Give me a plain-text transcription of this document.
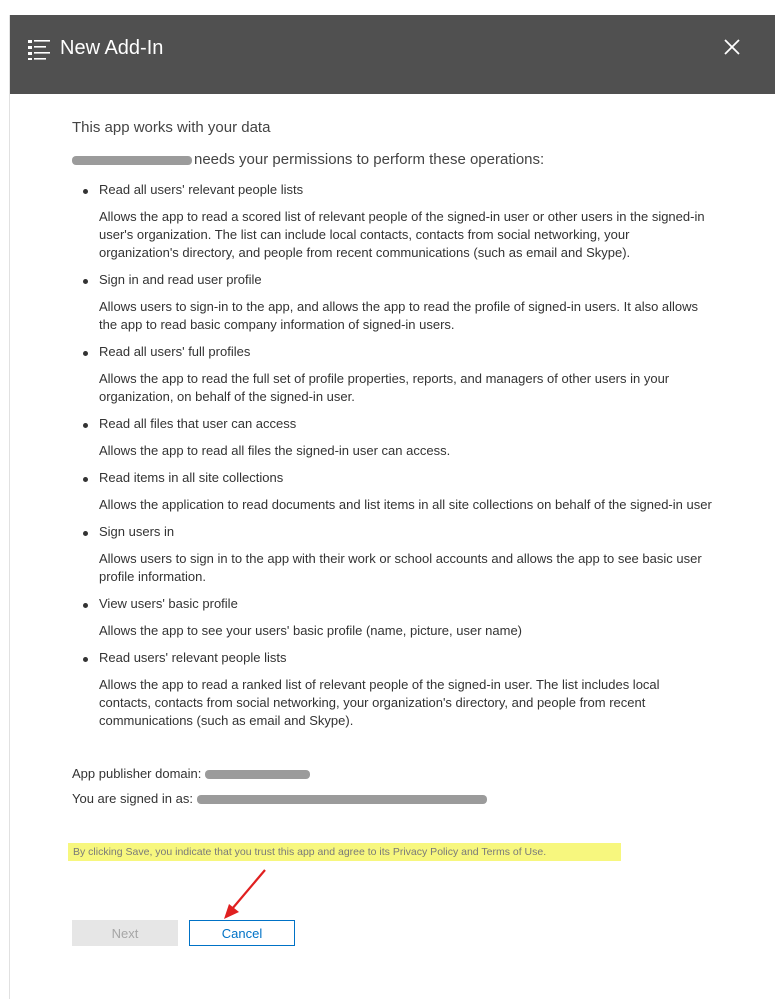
New Add-In
This app works with your data
needs your permissions to perform these operations:
Read all users' relevant people lists
Allows the app to read a scored list of relevant people of the signed-in user or other users in the signed-in user's organization. The list can include local contacts, contacts from social networking, your organization's directory, and people from recent communications (such as email and Skype).
Sign in and read user profile
Allows users to sign-in to the app, and allows the app to read the profile of signed-in users. It also allows the app to read basic company information of signed-in users.
Read all users' full profiles
Allows the app to read the full set of profile properties, reports, and managers of other users in your organization, on behalf of the signed-in user.
Read all files that user can access
Allows the app to read all files the signed-in user can access.
Read items in all site collections
Allows the application to read documents and list items in all site collections on behalf of the signed-in user
Sign users in
Allows users to sign in to the app with their work or school accounts and allows the app to see basic user profile information.
View users' basic profile
Allows the app to see your users' basic profile (name, picture, user name)
Read users' relevant people lists
Allows the app to read a ranked list of relevant people of the signed-in user. The list includes local contacts, contacts from social networking, your organization's directory, and people from recent communications (such as email and Skype).
App publisher domain:
You are signed in as:
By clicking Save, you indicate that you trust this app and agree to its Privacy Policy and Terms of Use.
Next	Cancel
